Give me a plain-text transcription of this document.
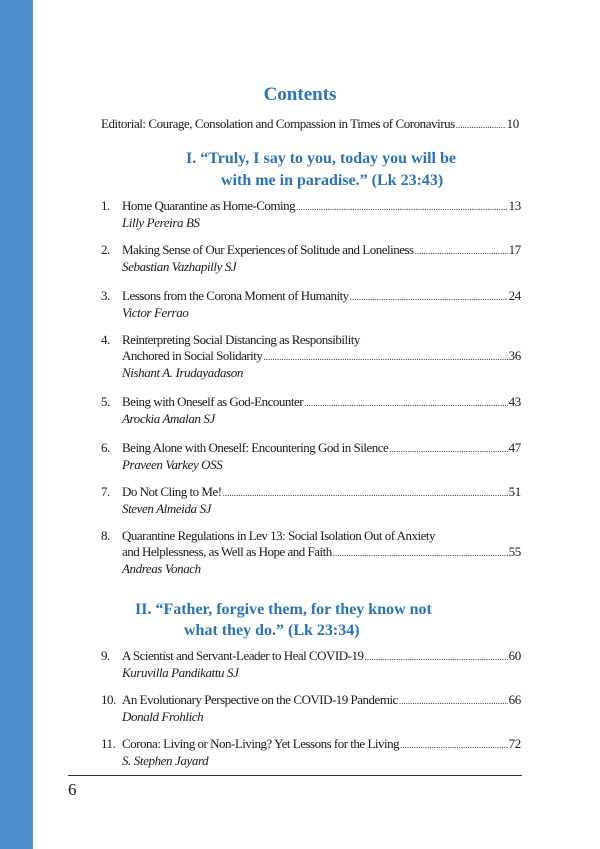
Contents
Editorial: Courage, Consolation and Compassion in Times of Coronavirus .....	10
I. “Truly, I say to you, today you will be
with me in paradise.” (Lk 23:43)
1. Home Quarantine as Home-Coming .....	13
Lilly Pereira BS
2. Making Sense of Our Experiences of Solitude and Loneliness .....	17
Sebastian Vazhapilly SJ
3. Lessons from the Corona Moment of Humanity .....	24
Victor Ferrao
4. Reinterpreting Social Distancing as Responsibility
Anchored in Social Solidarity .....	36
Nishant A. Irudayadason
5. Being with Oneself as God-Encounter .....	43
Arockia Amalan SJ
6. Being Alone with Oneself: Encountering God in Silence .....	47
Praveen Varkey OSS
7. Do Not Cling to Me! .....	51
Steven Almeida SJ
8. Quarantine Regulations in Lev 13: Social Isolation Out of Anxiety
and Helplessness, as Well as Hope and Faith .....	55
Andreas Vonach
II. “Father, forgive them, for they know not
what they do.” (Lk 23:34)
9. A Scientist and Servant-Leader to Heal COVID-19 .....	60
Kuruvilla Pandikattu SJ
10. An Evolutionary Perspective on the COVID-19 Pandemic .....	66
Donald Frohlich
11. Corona: Living or Non-Living? Yet Lessons for the Living .....	72
S. Stephen Jayard
6
